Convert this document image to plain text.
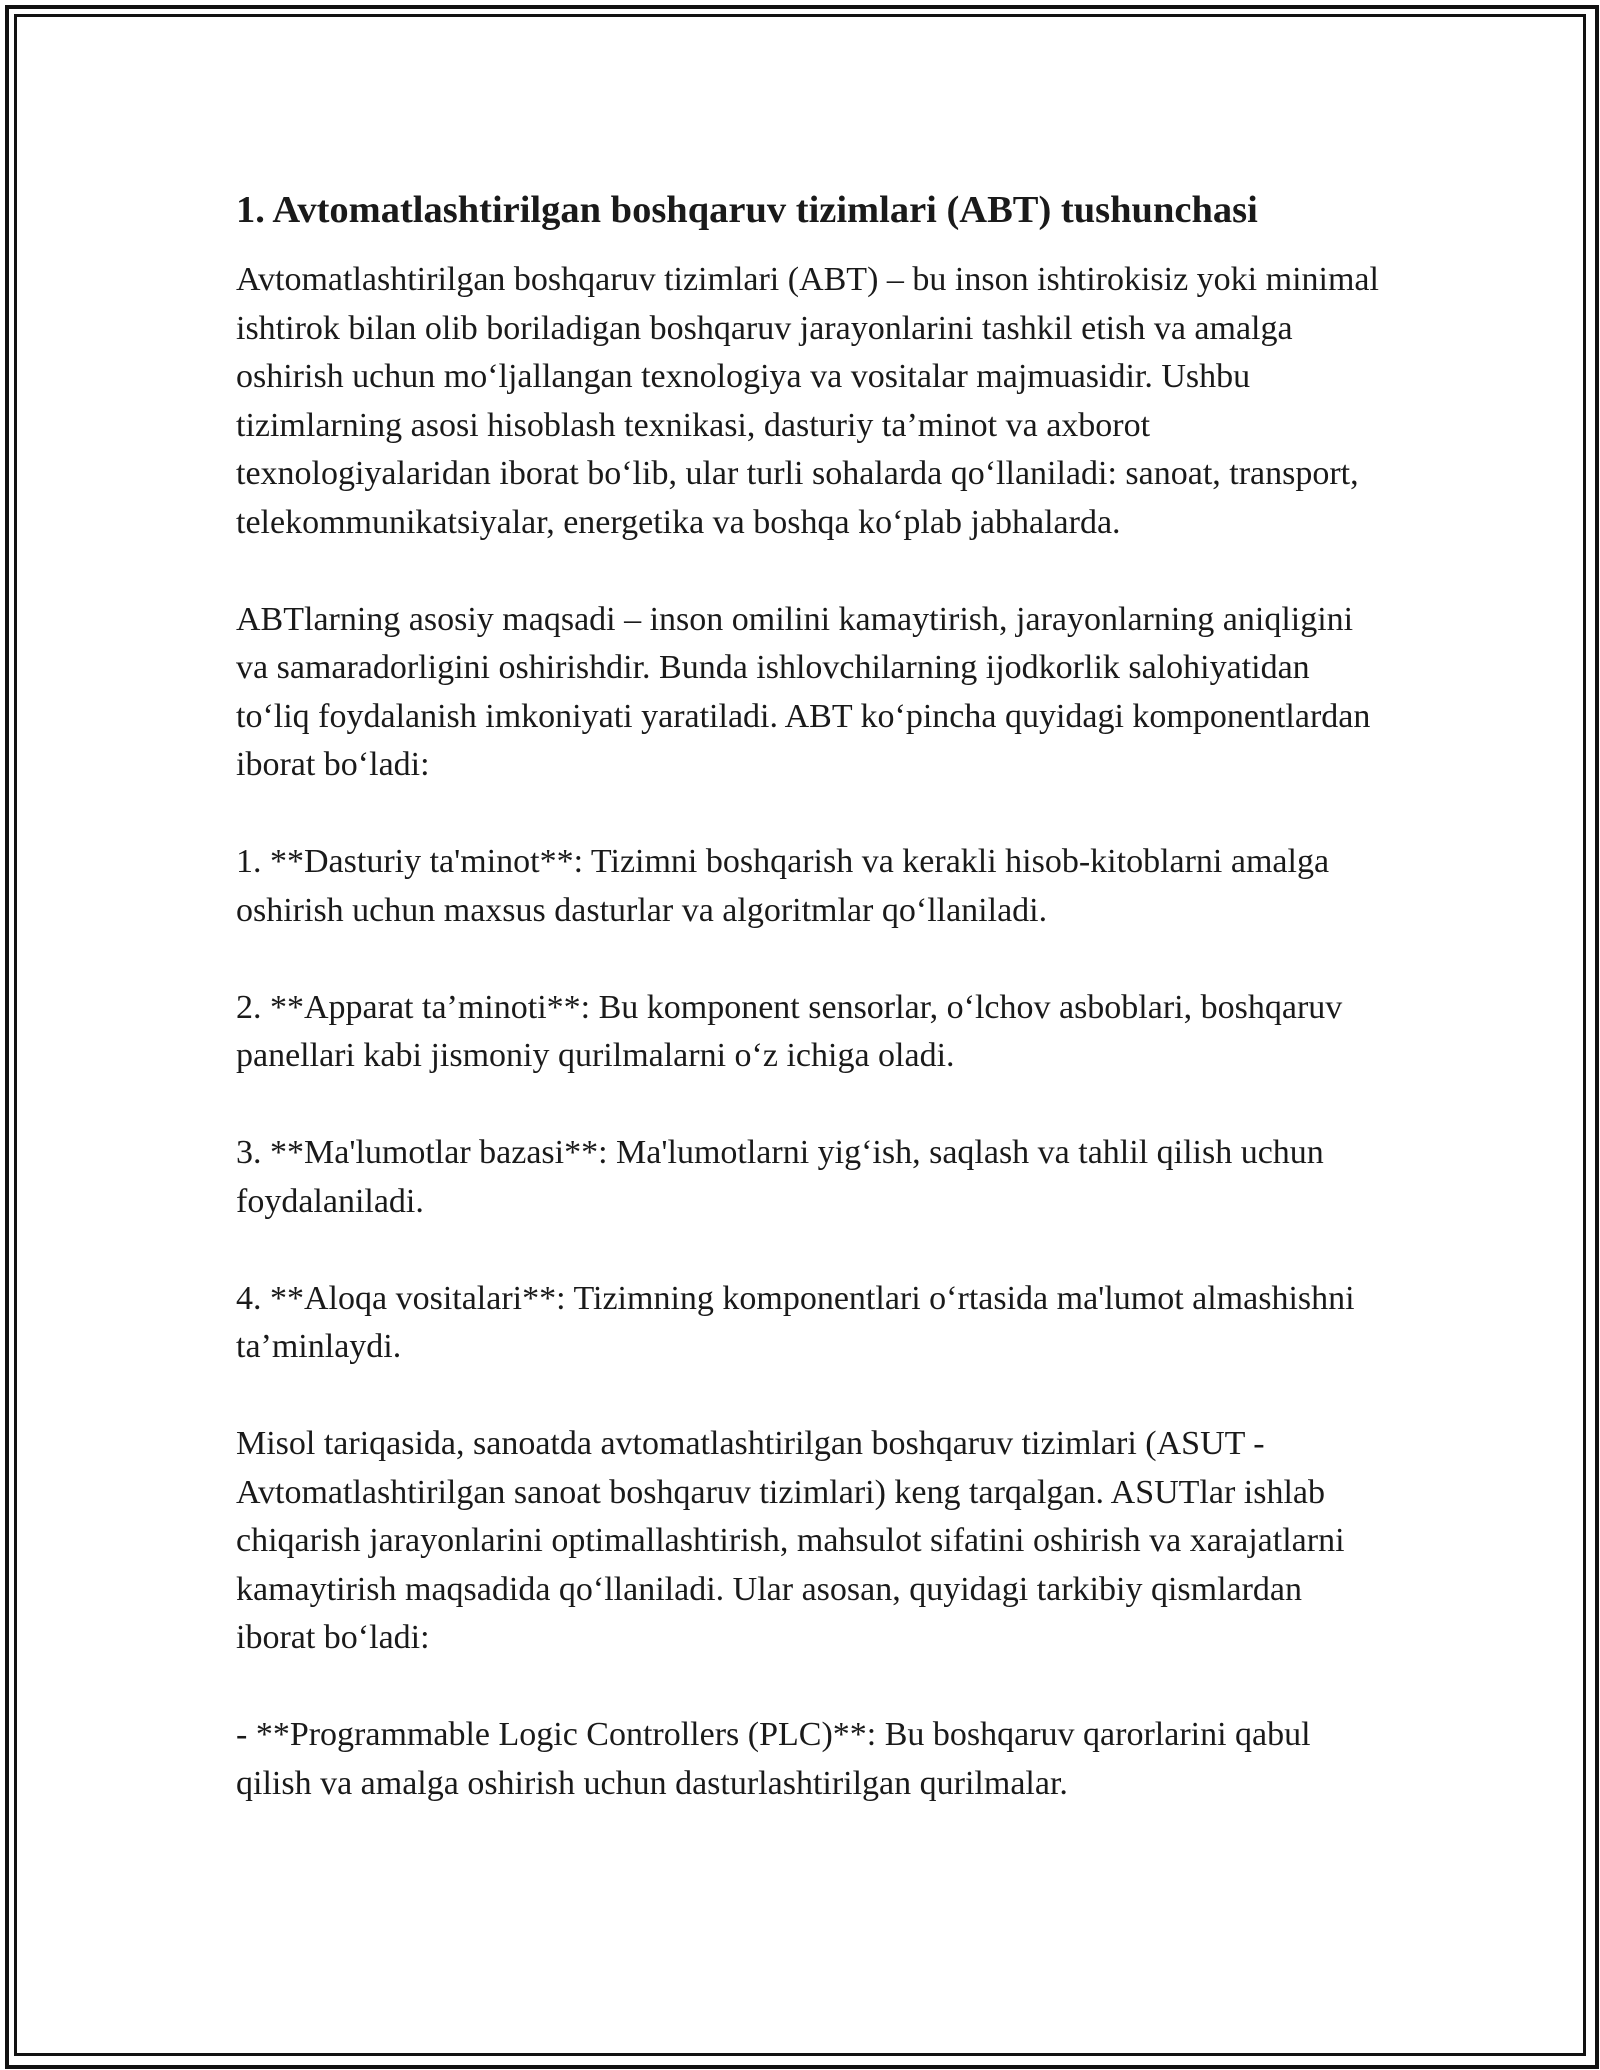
1. Avtomatlashtirilgan boshqaruv tizimlari (ABT) tushunchasi

Avtomatlashtirilgan boshqaruv tizimlari (ABT) – bu inson ishtirokisiz yoki minimal ishtirok bilan olib boriladigan boshqaruv jarayonlarini tashkil etish va amalga oshirish uchun mo‘ljallangan texnologiya va vositalar majmuasidir. Ushbu tizimlarning asosi hisoblash texnikasi, dasturiy ta’minot va axborot texnologiyalaridan iborat bo‘lib, ular turli sohalarda qo‘llaniladi: sanoat, transport, telekommunikatsiyalar, energetika va boshqa ko‘plab jabhalarda.

ABTlarning asosiy maqsadi – inson omilini kamaytirish, jarayonlarning aniqligini va samaradorligini oshirishdir. Bunda ishlovchilarning ijodkorlik salohiyatidan to‘liq foydalanish imkoniyati yaratiladi. ABT ko‘pincha quyidagi komponentlardan iborat bo‘ladi:

1. **Dasturiy ta'minot**: Tizimni boshqarish va kerakli hisob-kitoblarni amalga oshirish uchun maxsus dasturlar va algoritmlar qo‘llaniladi.

2. **Apparat ta’minoti**: Bu komponent sensorlar, o‘lchov asboblari, boshqaruv panellari kabi jismoniy qurilmalarni o‘z ichiga oladi.

3. **Ma'lumotlar bazasi**: Ma'lumotlarni yig‘ish, saqlash va tahlil qilish uchun foydalaniladi.

4. **Aloqa vositalari**: Tizimning komponentlari o‘rtasida ma'lumot almashishni ta’minlaydi.

Misol tariqasida, sanoatda avtomatlashtirilgan boshqaruv tizimlari (ASUT - Avtomatlashtirilgan sanoat boshqaruv tizimlari) keng tarqalgan. ASUTlar ishlab chiqarish jarayonlarini optimallashtirish, mahsulot sifatini oshirish va xarajatlarni kamaytirish maqsadida qo‘llaniladi. Ular asosan, quyidagi tarkibiy qismlardan iborat bo‘ladi:

- **Programmable Logic Controllers (PLC)**: Bu boshqaruv qarorlarini qabul qilish va amalga oshirish uchun dasturlashtirilgan qurilmalar.
